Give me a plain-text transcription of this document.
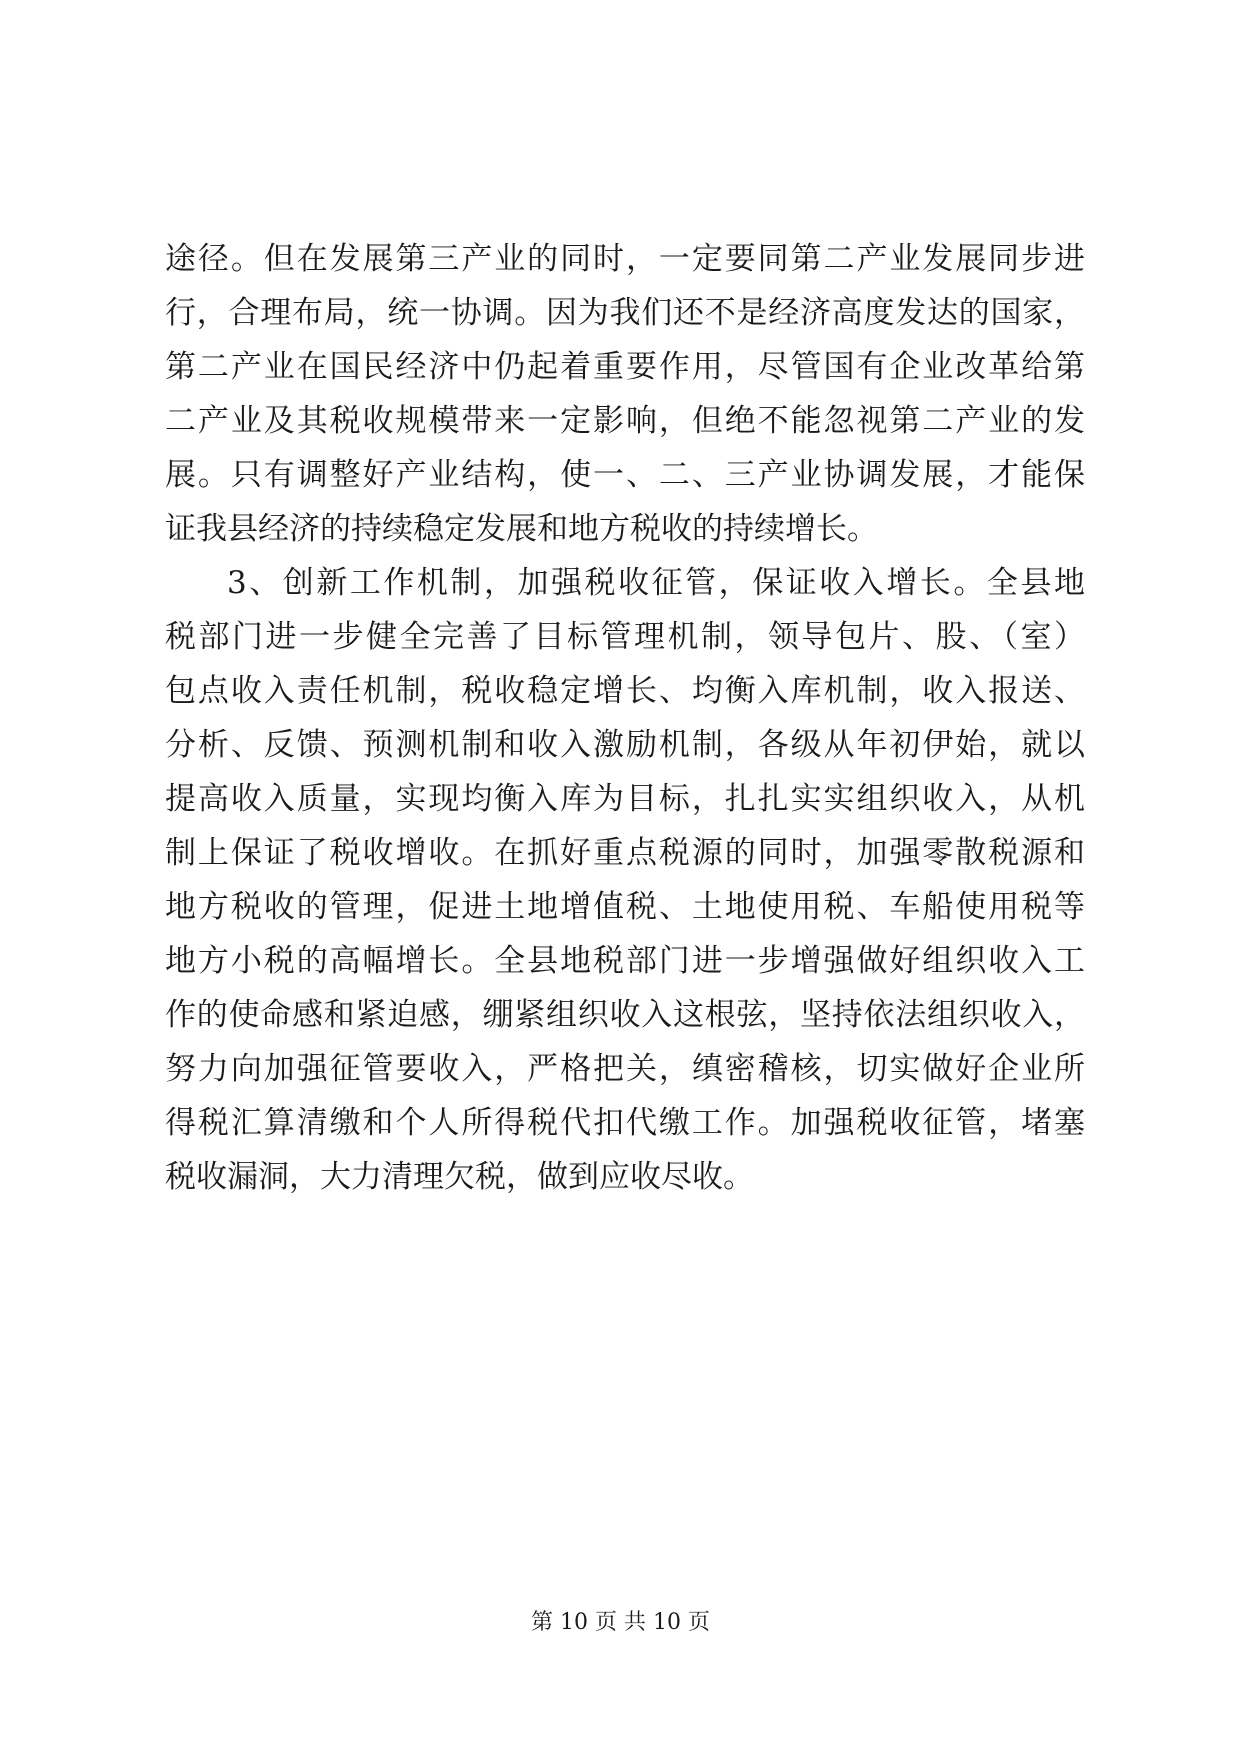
途径。但在发展第三产业的同时，一定要同第二产业发展同步进
行，合理布局，统一协调。因为我们还不是经济高度发达的国家，
第二产业在国民经济中仍起着重要作用，尽管国有企业改革给第
二产业及其税收规模带来一定影响，但绝不能忽视第二产业的发
展。只有调整好产业结构，使一、二、三产业协调发展，才能保
证我县经济的持续稳定发展和地方税收的持续增长。
3、创新工作机制，加强税收征管，保证收入增长。全县地
税部门进一步健全完善了目标管理机制，领导包片、股、（室）
包点收入责任机制，税收稳定增长、均衡入库机制，收入报送、
分析、反馈、预测机制和收入激励机制，各级从年初伊始，就以
提高收入质量，实现均衡入库为目标，扎扎实实组织收入，从机
制上保证了税收增收。在抓好重点税源的同时，加强零散税源和
地方税收的管理，促进土地增值税、土地使用税、车船使用税等
地方小税的高幅增长。全县地税部门进一步增强做好组织收入工
作的使命感和紧迫感，绷紧组织收入这根弦，坚持依法组织收入，
努力向加强征管要收入，严格把关，缜密稽核，切实做好企业所
得税汇算清缴和个人所得税代扣代缴工作。加强税收征管，堵塞
税收漏洞，大力清理欠税，做到应收尽收。
第 10 页 共 10 页
